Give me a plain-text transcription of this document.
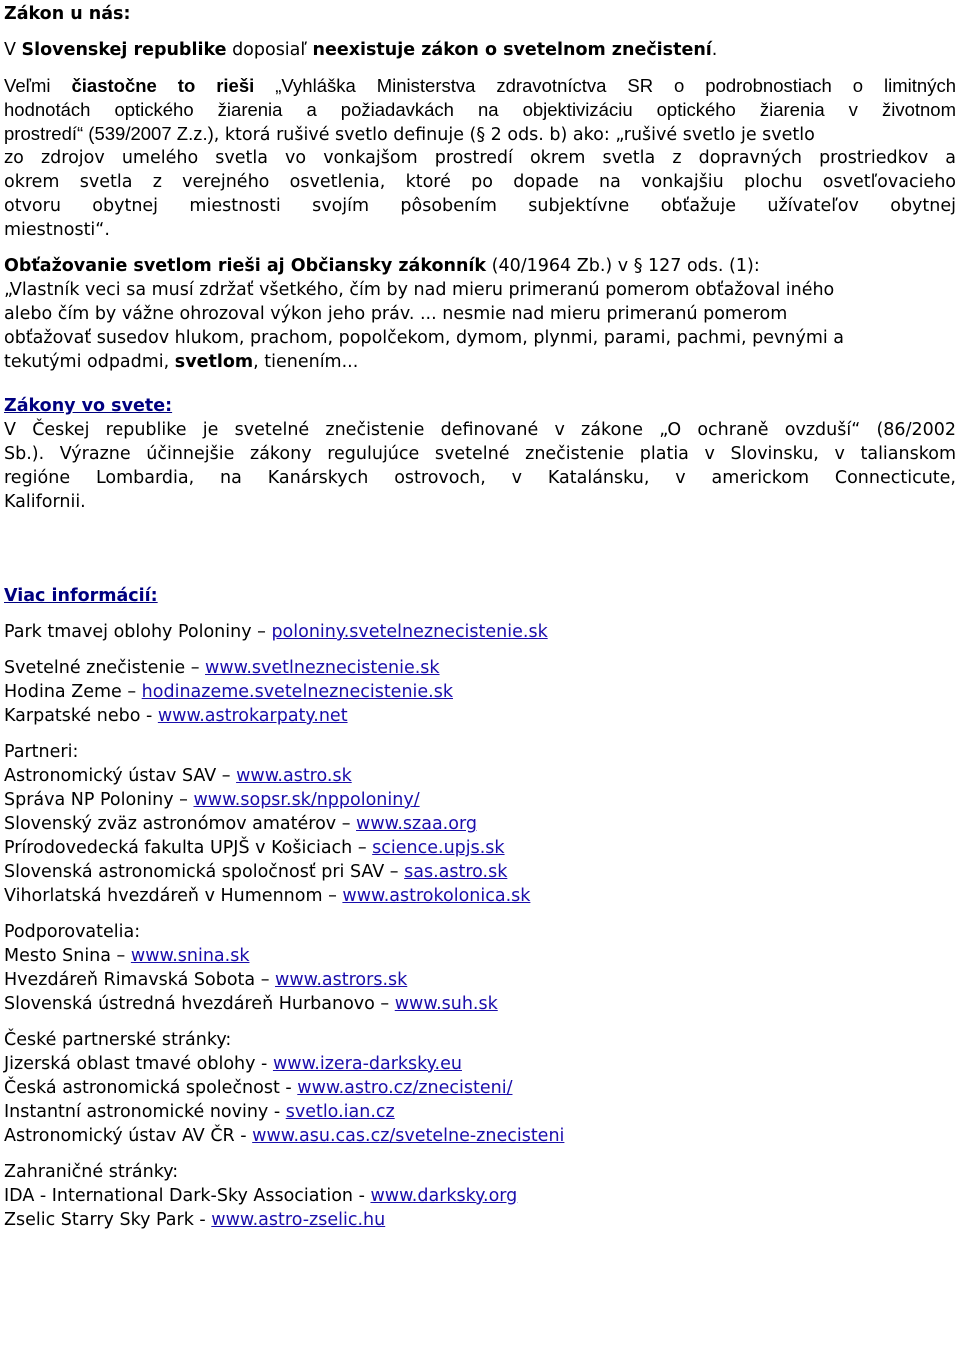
Zákon u nás:
V Slovenskej republike doposiaľ neexistuje zákon o svetelnom znečistení.
Veľmi čiastočne to rieši „Vyhláška Ministerstva zdravotníctva SR o podrobnostiach o limitných
hodnotách optického žiarenia a požiadavkách na objektivizáciu optického žiarenia v životnom
prostredí“ (539/2007 Z.z.), ktorá rušivé svetlo definuje (§ 2 ods. b) ako: „rušivé svetlo je svetlo
zo zdrojov umelého svetla vo vonkajšom prostredí okrem svetla z dopravných prostriedkov a
okrem svetla z verejného osvetlenia, ktoré po dopade na vonkajšiu plochu osvetľovacieho
otvoru obytnej miestnosti svojím pôsobením subjektívne obťažuje užívateľov obytnej
miestnosti“.
Obťažovanie svetlom rieši aj Občiansky zákonník (40/1964 Zb.) v § 127 ods. (1):
„Vlastník veci sa musí zdržať všetkého, čím by nad mieru primeranú pomerom obťažoval iného
alebo čím by vážne ohrozoval výkon jeho práv. ... nesmie nad mieru primeranú pomerom
obťažovať susedov hlukom, prachom, popolčekom, dymom, plynmi, parami, pachmi, pevnými a
tekutými odpadmi, svetlom, tienením...
Zákony vo svete:
V Českej republike je svetelné znečistenie definované v zákone „O ochraně ovzduší“ (86/2002
Sb.). Výrazne účinnejšie zákony regulujúce svetelné znečistenie platia v Slovinsku, v talianskom
regióne Lombardia, na Kanárskych ostrovoch, v Katalánsku, v americkom Connecticute,
Kalifornii.
Viac informácií:
Park tmavej oblohy Poloniny – poloniny.svetelneznecistenie.sk
Svetelné znečistenie – www.svetlneznecistenie.sk
Hodina Zeme – hodinazeme.svetelneznecistenie.sk
Karpatské nebo - www.astrokarpaty.net
Partneri:
Astronomický ústav SAV – www.astro.sk
Správa NP Poloniny – www.sopsr.sk/nppoloniny/
Slovenský zväz astronómov amatérov – www.szaa.org
Prírodovedecká fakulta UPJŠ v Košiciach – science.upjs.sk
Slovenská astronomická spoločnosť pri SAV – sas.astro.sk
Vihorlatská hvezdáreň v Humennom – www.astrokolonica.sk
Podporovatelia:
Mesto Snina – www.snina.sk
Hvezdáreň Rimavská Sobota – www.astrors.sk
Slovenská ústredná hvezdáreň Hurbanovo – www.suh.sk
České partnerské stránky:
Jizerská oblast tmavé oblohy - www.izera-darksky.eu
Česká astronomická společnost - www.astro.cz/znecisteni/
Instantní astronomické noviny - svetlo.ian.cz
Astronomický ústav AV ČR - www.asu.cas.cz/svetelne-znecisteni
Zahraničné stránky:
IDA - International Dark-Sky Association - www.darksky.org
Zselic Starry Sky Park - www.astro-zselic.hu
